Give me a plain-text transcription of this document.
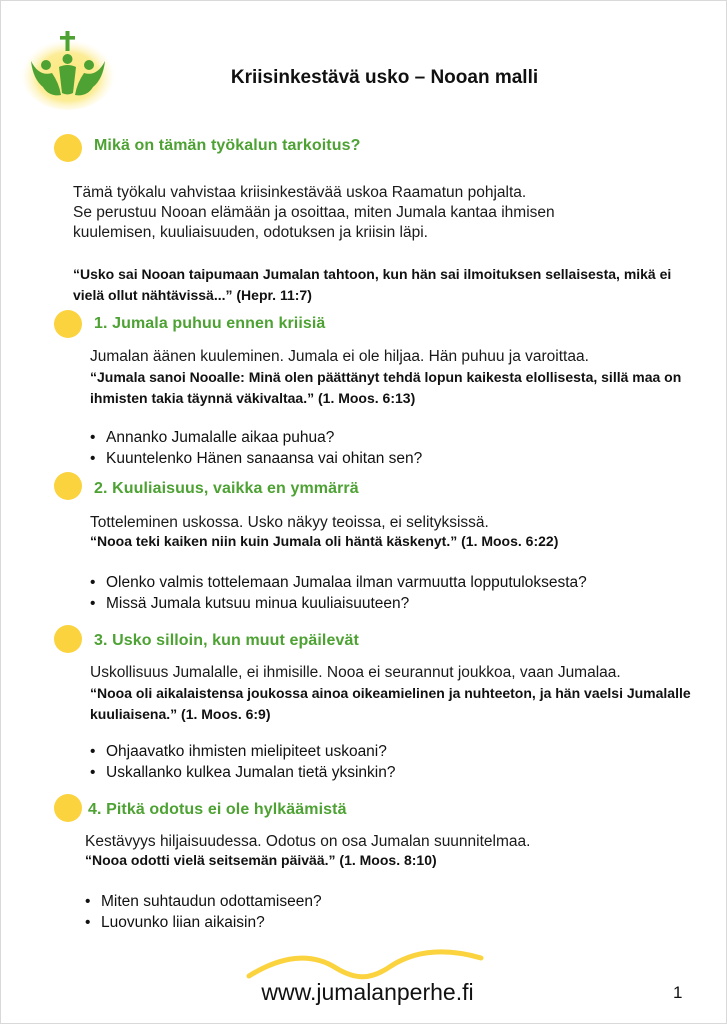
Kriisinkestävä usko – Nooan malli
Mikä on tämän työkalun tarkoitus?
Tämä työkalu vahvistaa kriisinkestävää uskoa Raamatun pohjalta.
Se perustuu Nooan elämään ja osoittaa, miten Jumala kantaa ihmisen
kuulemisen, kuuliaisuuden, odotuksen ja kriisin läpi.
“Usko sai Nooan taipumaan Jumalan tahtoon, kun hän sai ilmoituksen sellaisesta, mikä ei
vielä ollut nähtävissä...” (Hepr. 11:7)
1. Jumala puhuu ennen kriisiä
Jumalan äänen kuuleminen. Jumala ei ole hiljaa. Hän puhuu ja varoittaa.
“Jumala sanoi Nooalle: Minä olen päättänyt tehdä lopun kaikesta elollisesta, sillä maa on
ihmisten takia täynnä väkivaltaa.” (1. Moos. 6:13)
• Annanko Jumalalle aikaa puhua?
• Kuuntelenko Hänen sanaansa vai ohitan sen?
2. Kuuliaisuus, vaikka en ymmärrä
Totteleminen uskossa. Usko näkyy teoissa, ei selityksissä.
“Nooa teki kaiken niin kuin Jumala oli häntä käskenyt.” (1. Moos. 6:22)
• Olenko valmis tottelemaan Jumalaa ilman varmuutta lopputuloksesta?
• Missä Jumala kutsuu minua kuuliaisuuteen?
3. Usko silloin, kun muut epäilevät
Uskollisuus Jumalalle, ei ihmisille. Nooa ei seurannut joukkoa, vaan Jumalaa.
“Nooa oli aikalaistensa joukossa ainoa oikeamielinen ja nuhteeton, ja hän vaelsi Jumalalle
kuuliaisena.” (1. Moos. 6:9)
• Ohjaavatko ihmisten mielipiteet uskoani?
• Uskallanko kulkea Jumalan tietä yksinkin?
4. Pitkä odotus ei ole hylkäämistä
Kestävyys hiljaisuudessa. Odotus on osa Jumalan suunnitelmaa.
“Nooa odotti vielä seitsemän päivää.” (1. Moos. 8:10)
• Miten suhtaudun odottamiseen?
• Luovunko liian aikaisin?
www.jumalanperhe.fi	1
